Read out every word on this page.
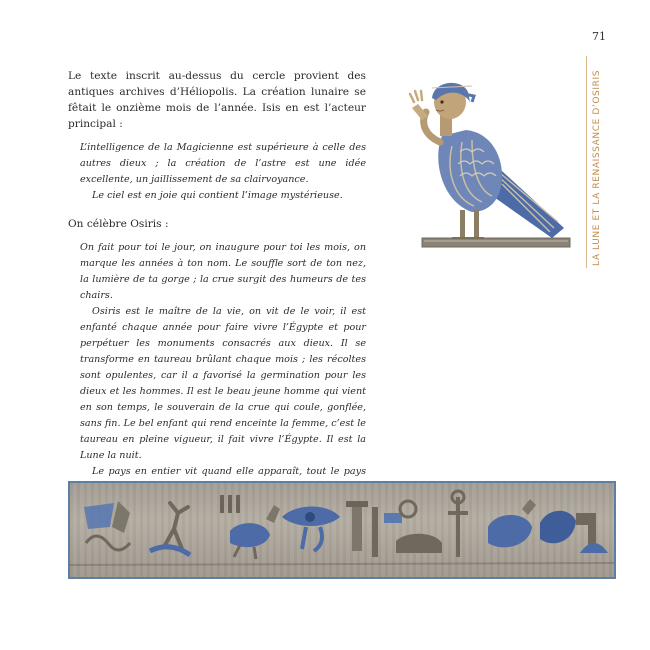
71
LA LUNE ET LA RENAISSANCE D’OSIRIS

Le texte inscrit au-dessus du cercle provient des antiques archives d’Héliopolis. La création lunaire se fêtait le onzième mois de l’année. Isis en est l’acteur principal :

L’intelligence de la Magicienne est supérieure à celle des autres dieux ; la création de l’astre est une idée excellente, un jaillissement de sa clairvoyance.

Le ciel est en joie qui contient l’image mystérieuse.

On célèbre Osiris :

On fait pour toi le jour, on inaugure pour toi les mois, on marque les années à ton nom. Le souffle sort de ton nez, la lumière de ta gorge ; la crue surgit des humeurs de tes chairs.

Osiris est le maître de la vie, on vit de le voir, il est enfanté chaque année pour faire vivre l’Égypte et pour perpétuer les monuments consacrés aux dieux. Il se transforme en taureau brûlant chaque mois ; les récoltes sont opulentes, car il a favorisé la germination pour les dieux et les hommes. Il est le beau jeune homme qui vient en son temps, le souverain de la crue qui coule, gonflée, sans fin. Le bel enfant qui rend enceinte la femme, c’est le taureau en pleine vigueur, il fait vivre l’Égypte. Il est la Lune la nuit.

Le pays en entier vit quand elle apparaît, tout le pays
